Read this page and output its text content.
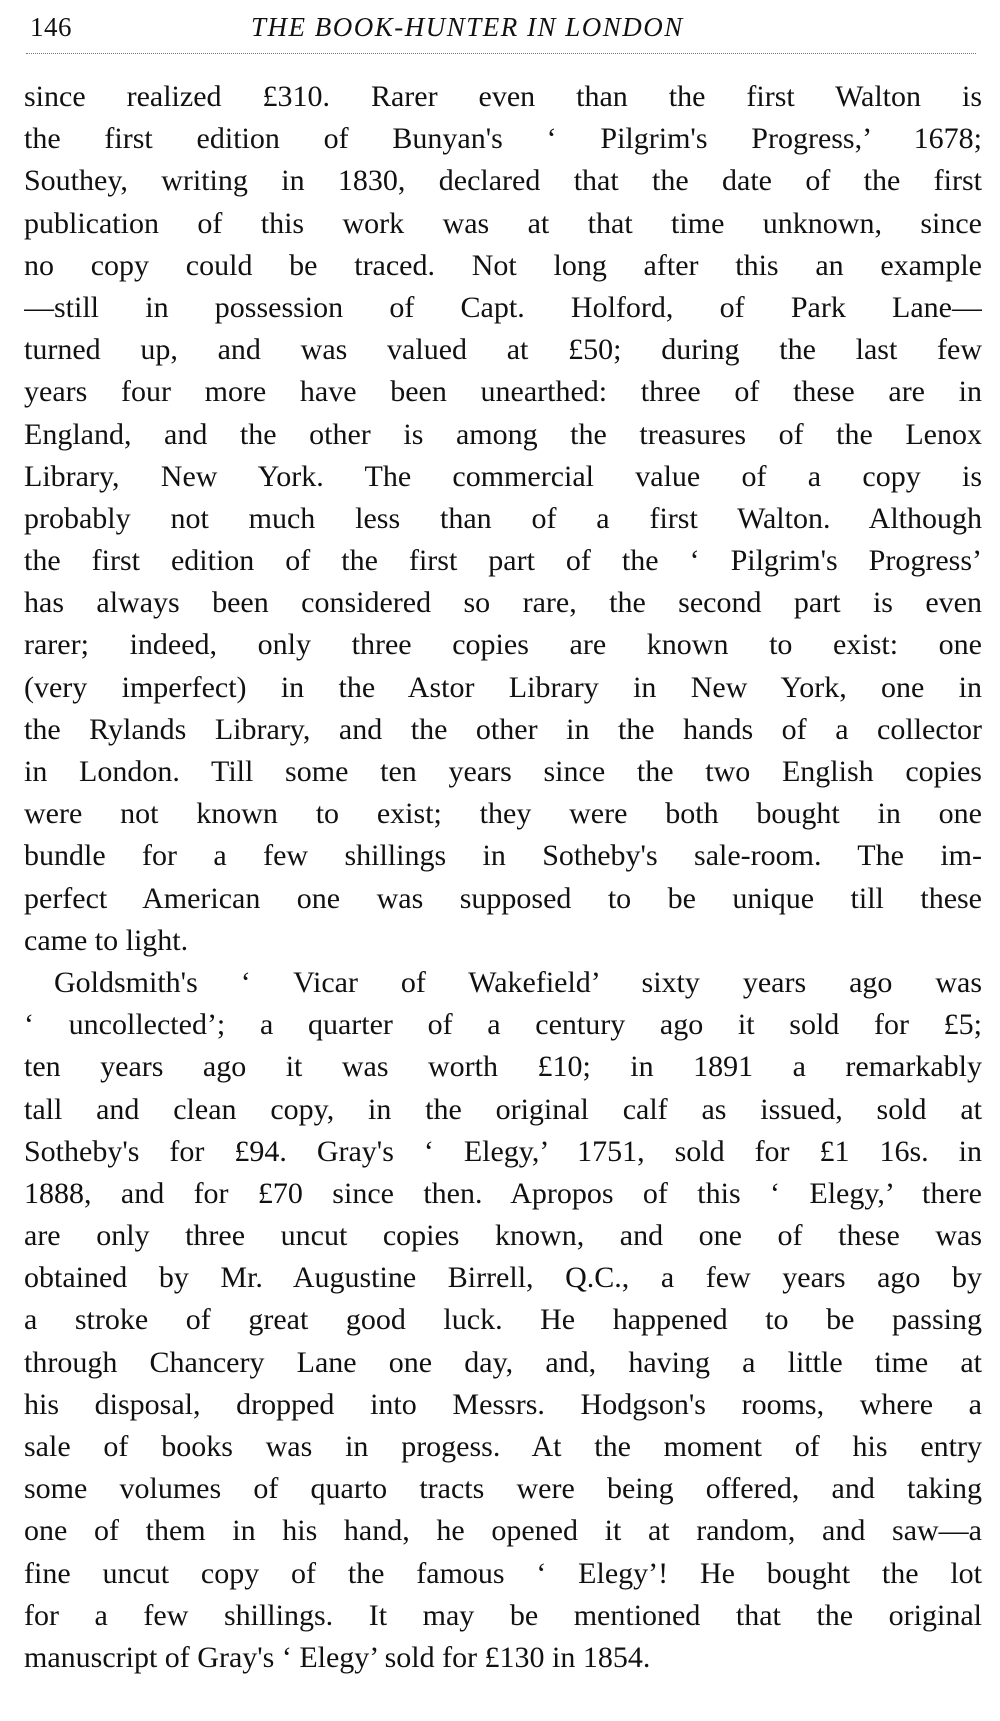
146	THE BOOK-HUNTER IN LONDON
since realized £310. Rarer even than the first Walton is
the first edition of Bunyan's ‘ Pilgrim's Progress,’ 1678;
Southey, writing in 1830, declared that the date of the first
publication of this work was at that time unknown, since
no copy could be traced. Not long after this an example
—still in possession of Capt. Holford, of Park Lane—
turned up, and was valued at £50; during the last few
years four more have been unearthed: three of these are in
England, and the other is among the treasures of the Lenox
Library, New York. The commercial value of a copy is
probably not much less than of a first Walton. Although
the first edition of the first part of the ‘ Pilgrim's Progress’
has always been considered so rare, the second part is even
rarer; indeed, only three copies are known to exist: one
(very imperfect) in the Astor Library in New York, one in
the Rylands Library, and the other in the hands of a collector
in London. Till some ten years since the two English copies
were not known to exist; they were both bought in one
bundle for a few shillings in Sotheby's sale-room. The im-
perfect American one was supposed to be unique till these
came to light.
Goldsmith's ‘ Vicar of Wakefield’ sixty years ago was
‘ uncollected’; a quarter of a century ago it sold for £5;
ten years ago it was worth £10; in 1891 a remarkably
tall and clean copy, in the original calf as issued, sold at
Sotheby's for £94. Gray's ‘ Elegy,’ 1751, sold for £1 16s. in
1888, and for £70 since then. Apropos of this ‘ Elegy,’ there
are only three uncut copies known, and one of these was
obtained by Mr. Augustine Birrell, Q.C., a few years ago by
a stroke of great good luck. He happened to be passing
through Chancery Lane one day, and, having a little time at
his disposal, dropped into Messrs. Hodgson's rooms, where a
sale of books was in progess. At the moment of his entry
some volumes of quarto tracts were being offered, and taking
one of them in his hand, he opened it at random, and saw—a
fine uncut copy of the famous ‘ Elegy’! He bought the lot
for a few shillings. It may be mentioned that the original
manuscript of Gray's ‘ Elegy’ sold for £130 in 1854.
